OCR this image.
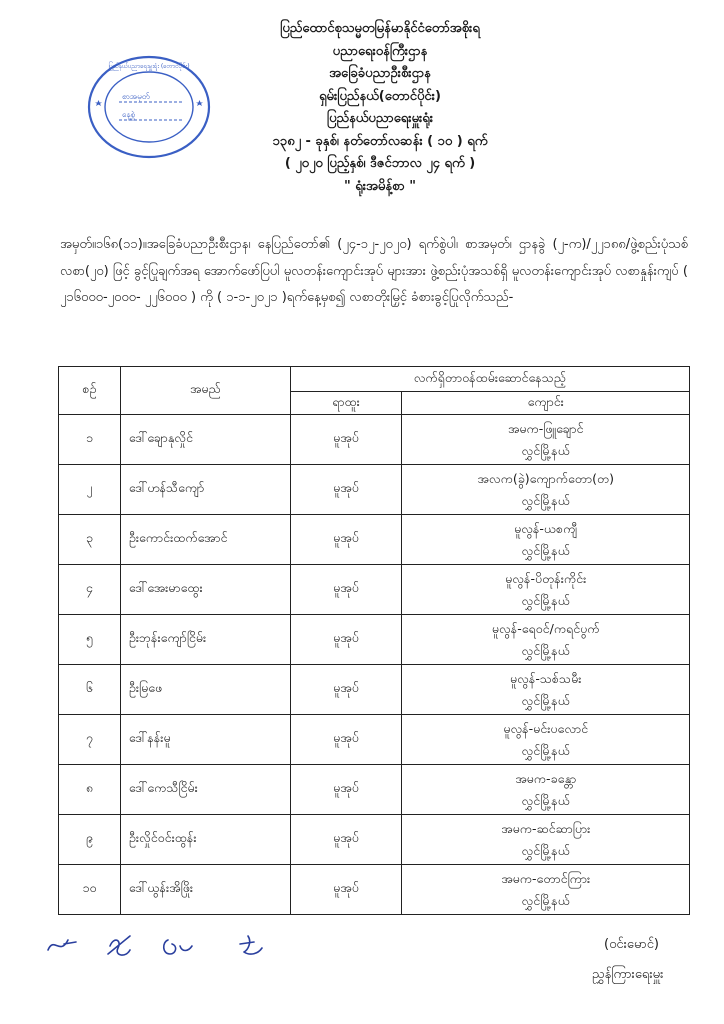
ပြည်ထောင်စုသမ္မတမြန်မာနိုင်ငံတော်အစိုးရ
ပညာရေးဝန်ကြီးဌာန
အခြေခံပညာဦးစီးဌာန
ရှမ်းပြည်နယ်(တောင်ပိုင်း)
ပြည်နယ်ပညာရေးမှူးရုံး
၁၃၈၂ - ခုနှစ်၊ နတ်တော်လဆန်း ( ၁၀ ) ရက်
( ၂၀၂၀ ပြည့်နှစ်၊ ဒီဇင်ဘာလ ၂၄ ရက် )
" ရုံးအမိန့်စာ "
ပြည်နယ်ပညာရေးမှူးရုံး (တောင်ပိုင်း)
စာအမှတ်
နေ့စွဲ
အမှတ်။၁၆၈(၁၁)။အခြေခံပညာဦးစီးဌာန၊ နေပြည်တော်၏ (၂၄-၁၂-၂၀၂၀) ရက်စွဲပါ၊ စာအမှတ်၊ ဌာနခွဲ (၂-က)/၂၂၁၈၈/ဖွဲ့စည်းပုံသစ်လစာ(၂၀) ဖြင့် ခွင့်ပြုချက်အရ အောက်ဖော်ပြပါ မူလတန်းကျောင်းအုပ် များအား ဖွဲ့စည်းပုံအသစ်ရှိ မူလတန်းကျောင်းအုပ် လစာနှုန်းကျပ် ( ၂၁၆၀၀၀-၂၀၀၀- ၂၂၆၀၀၀ ) ကို ( ၁-၁-၂၀၂၁ )ရက်နေ့မှစ၍ လစာတိုးမြှင့် ခံစားခွင့်ပြုလိုက်သည်-
စဉ်	အမည်	လက်ရှိတာဝန်ထမ်းဆောင်နေသည့်	
		ရာထူး	ကျောင်း
၁	ဒေါ်ချောနုလှိုင်	မူအုပ်	အမက-ဖြူချောင်
လွှင်မြို့နယ်

၂	ဒေါ်ဟန်သီကျော်	မူအုပ်	အလက(ခွဲ)ကျောက်တော(တ)
လွှင်မြို့နယ်

၃	ဦးကောင်းထက်အောင်	မူအုပ်	မူလွန်-ယစကျီ
လွှင်မြို့နယ်

၄	ဒေါ်အေးမာထွေး	မူအုပ်	မူလွန်-ပိတုန်းကိုင်း
လွှင်မြို့နယ်

၅	ဦးဘုန်းကျော်ငြိမ်း	မူအုပ်	မူလွန်-ရေဝင်/ကရင်ပွက်
လွှင်မြို့နယ်

၆	ဦးမြဖေ	မူအုပ်	မူလွန်-သစ်သမီး
လွှင်မြို့နယ်

၇	ဒေါ်နန်းမူ	မူအုပ်	မူလွန်-မင်းပလောင်
လွှင်မြို့နယ်

၈	ဒေါ်ကေသီငြိမ်း	မူအုပ်	အမက-ခန္တော
လွှင်မြို့နယ်

၉	ဦးလှိုင်ဝင်းထွန်း	မူအုပ်	အမက-ဆင်ဆာပြား
လွှင်မြို့နယ်

၁၀	ဒေါ်ယွန်းအိဖြိုး	မူအုပ်	အမက-တောင်ကြား
လွှင်မြို့နယ်
(ဝင်းမောင်)
ညွှန်ကြားရေးမှူး
